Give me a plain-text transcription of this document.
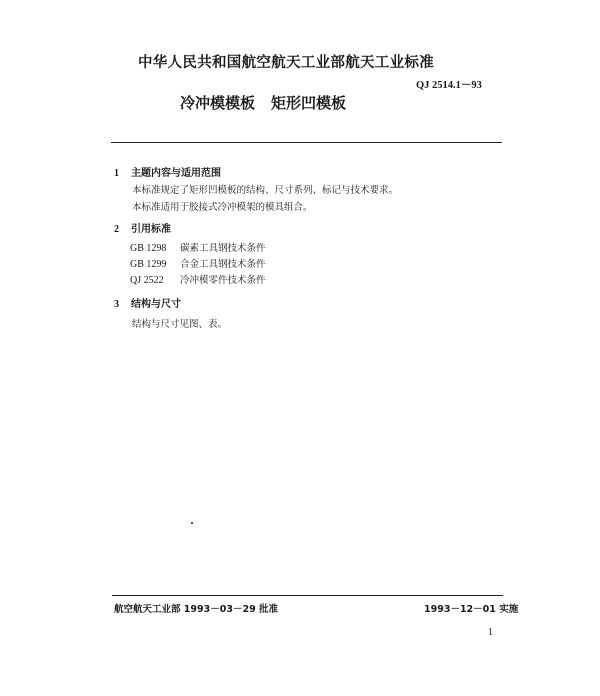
中华人民共和国航空航天工业部航天工业标准
QJ 2514.1－93
冷冲模模板 矩形凹模板
1 主题内容与适用范围
本标准规定了矩形凹模板的结构、尺寸系列、标记与技术要求。
本标准适用于胶接式冷冲模架的模具组合。
2 引用标准
GB 1298 碳素工具钢技术条件
GB 1299 合金工具钢技术条件
QJ 2522 冷冲模零件技术条件
3 结构与尺寸
结构与尺寸见图、表。
航空航天工业部 1993－03－29 批准	1993－12－01 实施
1
